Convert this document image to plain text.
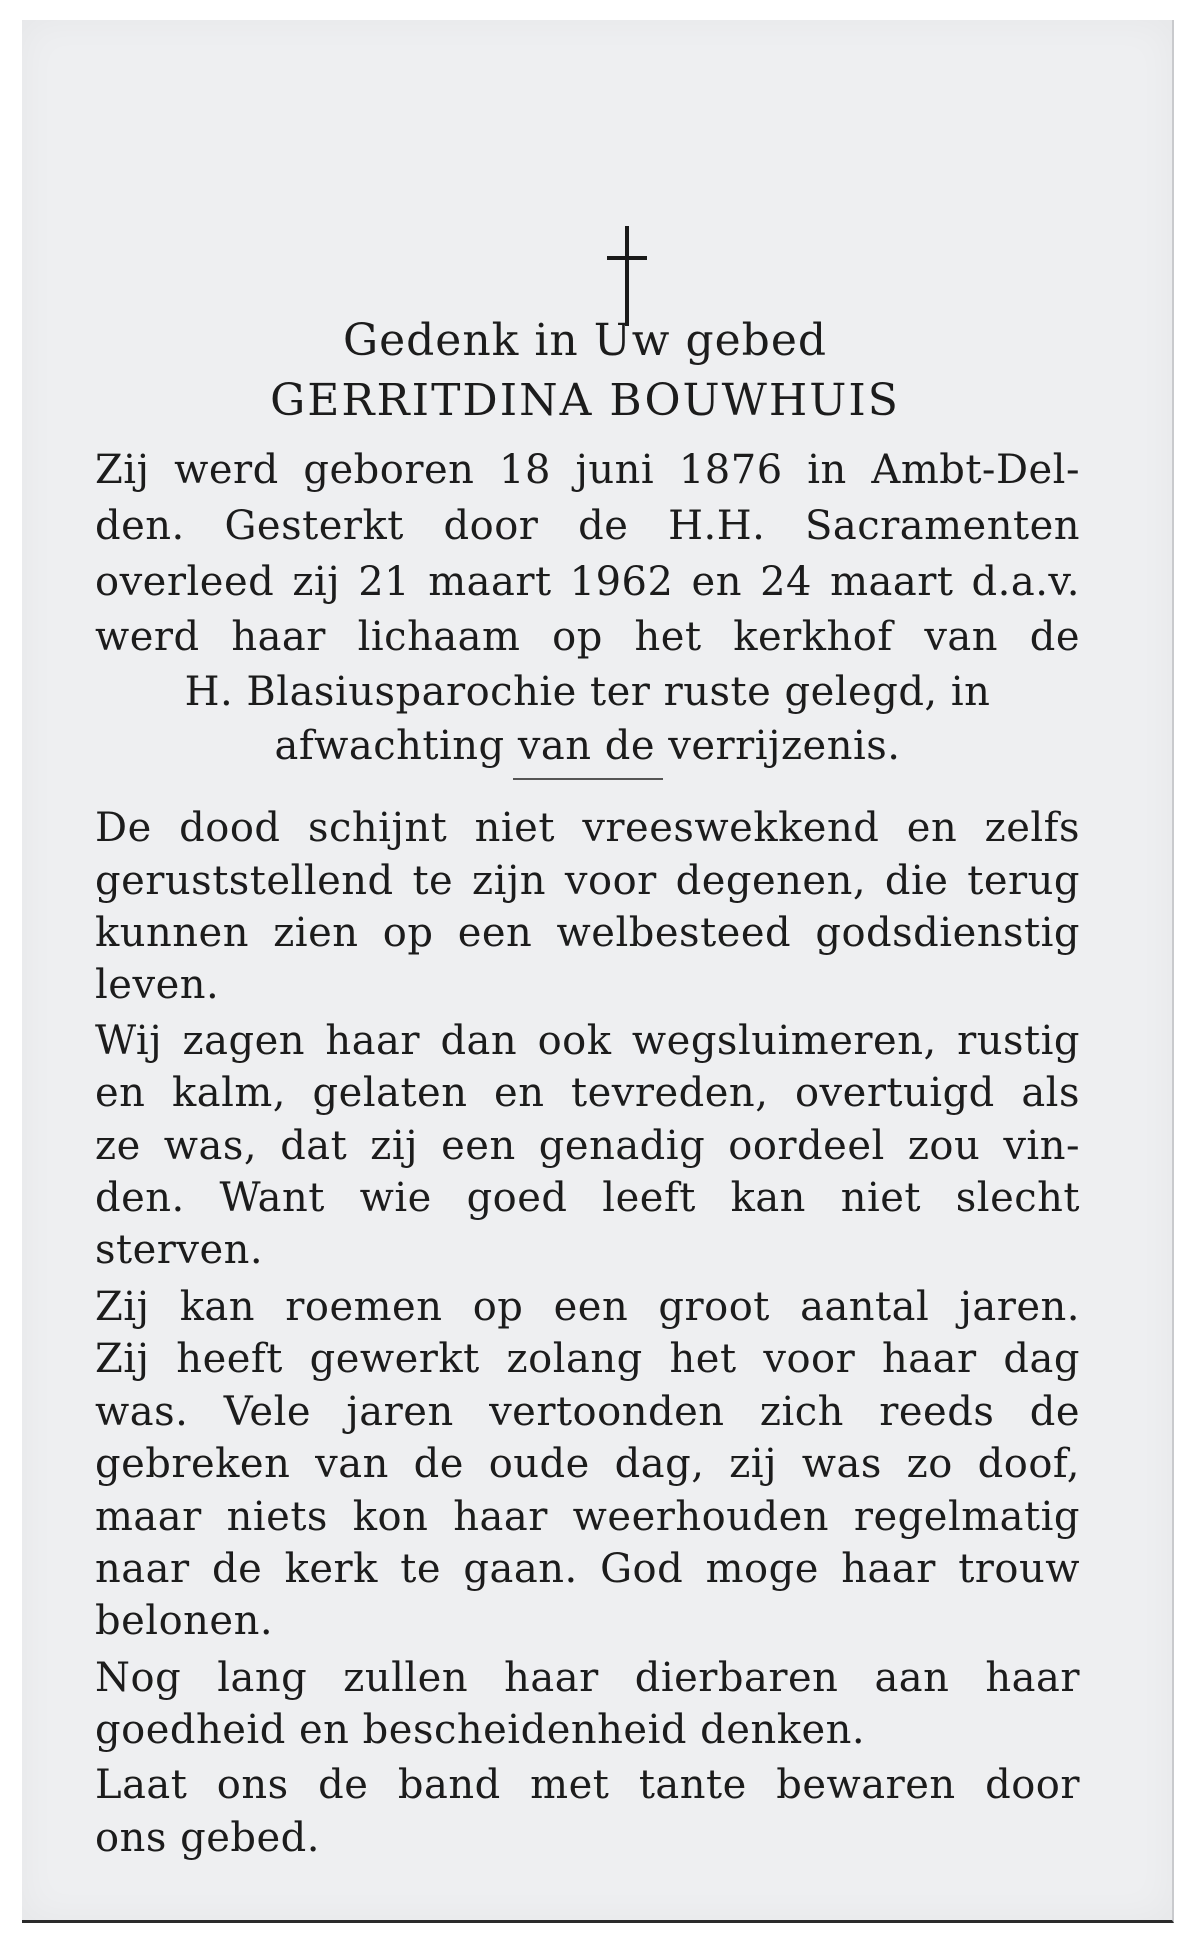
Gedenk in Uw gebed

GERRITDINA BOUWHUIS

Zij werd geboren 18 juni 1876 in Ambt-Del-

den. Gesterkt door de H.H. Sacramenten

overleed zij 21 maart 1962 en 24 maart d.a.v.

werd haar lichaam op het kerkhof van de

H. Blasiusparochie ter ruste gelegd, in

afwachting van de verrijzenis.

De dood schijnt niet vreeswekkend en zelfs

geruststellend te zijn voor degenen, die terug

kunnen zien op een welbesteed godsdienstig

leven.

Wij zagen haar dan ook wegsluimeren, rustig

en kalm, gelaten en tevreden, overtuigd als

ze was, dat zij een genadig oordeel zou vin-

den. Want wie goed leeft kan niet slecht

sterven.

Zij kan roemen op een groot aantal jaren.

Zij heeft gewerkt zolang het voor haar dag

was. Vele jaren vertoonden zich reeds de

gebreken van de oude dag, zij was zo doof,

maar niets kon haar weerhouden regelmatig

naar de kerk te gaan. God moge haar trouw

belonen.

Nog lang zullen haar dierbaren aan haar

goedheid en bescheidenheid denken.

Laat ons de band met tante bewaren door

ons gebed.
